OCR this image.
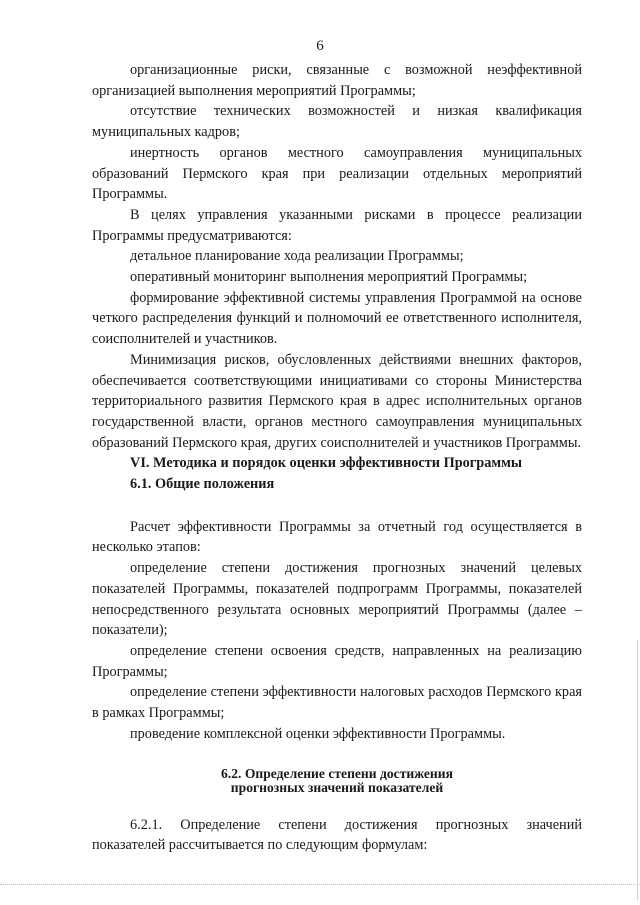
6

организационные риски, связанные с возможной неэффективной организацией выполнения мероприятий Программы;

отсутствие технических возможностей и низкая квалификация муниципальных кадров;

инертность органов местного самоуправления муниципальных образований Пермского края при реализации отдельных мероприятий Программы.

В целях управления указанными рисками в процессе реализации Программы предусматриваются:

детальное планирование хода реализации Программы;

оперативный мониторинг выполнения мероприятий Программы;

формирование эффективной системы управления Программой на основе четкого распределения функций и полномочий ее ответственного исполнителя, соисполнителей и участников.

Минимизация рисков, обусловленных действиями внешних факторов, обеспечивается соответствующими инициативами со стороны Министерства территориального развития Пермского края в адрес исполнительных органов государственной власти, органов местного самоуправления муниципальных образований Пермского края, других соисполнителей и участников Программы.

VI. Методика и порядок оценки эффективности Программы

6.1. Общие положения

Расчет эффективности Программы за отчетный год осуществляется в несколько этапов:

определение степени достижения прогнозных значений целевых показателей Программы, показателей подпрограмм Программы, показателей непосредственного результата основных мероприятий Программы (далее – показатели);

определение степени освоения средств, направленных на реализацию Программы;

определение степени эффективности налоговых расходов Пермского края в рамках Программы;

проведение комплексной оценки эффективности Программы.

6.2. Определение степени достижения
прогнозных значений показателей

6.2.1. Определение степени достижения прогнозных значений показателей рассчитывается по следующим формулам:
